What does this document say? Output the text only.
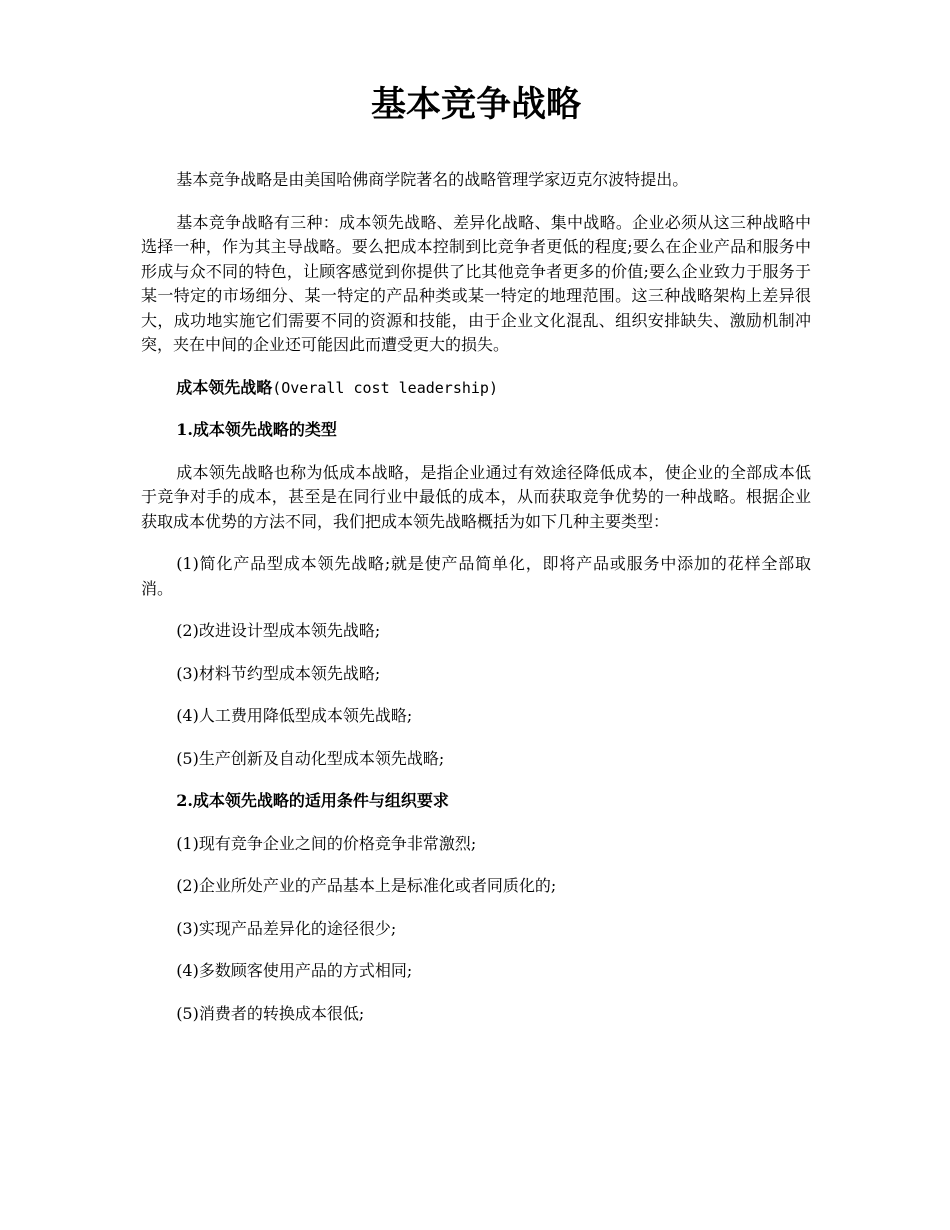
基本竞争战略

基本竞争战略是由美国哈佛商学院著名的战略管理学家迈克尔波特提出。

基本竞争战略有三种：成本领先战略、差异化战略、集中战略。企业必须从这三种战略中选择一种，作为其主导战略。要么把成本控制到比竞争者更低的程度;要么在企业产品和服务中形成与众不同的特色，让顾客感觉到你提供了比其他竞争者更多的价值;要么企业致力于服务于某一特定的市场细分、某一特定的产品种类或某一特定的地理范围。这三种战略架构上差异很大，成功地实施它们需要不同的资源和技能，由于企业文化混乱、组织安排缺失、激励机制冲突，夹在中间的企业还可能因此而遭受更大的损失。

成本领先战略(Overall cost leadership)

1.成本领先战略的类型

成本领先战略也称为低成本战略，是指企业通过有效途径降低成本，使企业的全部成本低于竞争对手的成本，甚至是在同行业中最低的成本，从而获取竞争优势的一种战略。根据企业获取成本优势的方法不同，我们把成本领先战略概括为如下几种主要类型：

(1)简化产品型成本领先战略;就是使产品简单化，即将产品或服务中添加的花样全部取消。

(2)改进设计型成本领先战略;

(3)材料节约型成本领先战略;

(4)人工费用降低型成本领先战略;

(5)生产创新及自动化型成本领先战略;

2.成本领先战略的适用条件与组织要求

(1)现有竞争企业之间的价格竞争非常激烈;

(2)企业所处产业的产品基本上是标准化或者同质化的;

(3)实现产品差异化的途径很少;

(4)多数顾客使用产品的方式相同;

(5)消费者的转换成本很低;
